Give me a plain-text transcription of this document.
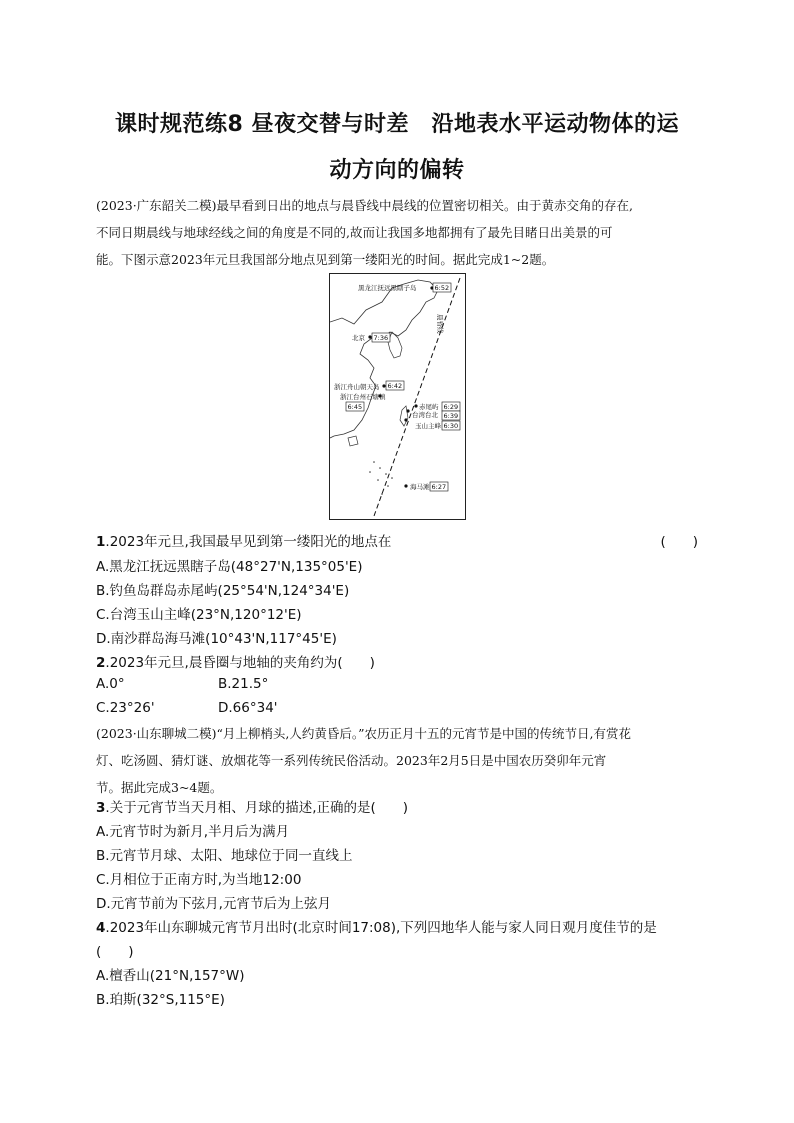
课时规范练8 昼夜交替与时差　沿地表水平运动物体的运
动方向的偏转
(2023·广东韶关二模)最早看到日出的地点与晨昏线中晨线的位置密切相关。由于黄赤交角的存在,
不同日期晨线与地球经线之间的角度是不同的,故而让我国多地都拥有了最先目睹日出美景的可
能。下图示意2023年元旦我国部分地点见到第一缕阳光的时间。据此完成1~2题。
晨昏线
黑龙江抚远黑瞎子岛	6:52
北京 7:36
浙江舟山朝天岛 6:42
浙江台州石塘镇
6:45	赤尾屿 6:29
台湾台北 6:39
玉山主峰 6:30
海马滩 6:27
1.2023年元旦,我国最早见到第一缕阳光的地点在	(　　)
A.黑龙江抚远黑瞎子岛(48°27'N,135°05'E)
B.钓鱼岛群岛赤尾屿(25°54'N,124°34'E)
C.台湾玉山主峰(23°N,120°12'E)
D.南沙群岛海马滩(10°43'N,117°45'E)
2.2023年元旦,晨昏圈与地轴的夹角约为(　　)
A.0°	B.21.5°
C.23°26'	D.66°34'
(2023·山东聊城二模)“月上柳梢头,人约黄昏后。”农历正月十五的元宵节是中国的传统节日,有赏花
灯、吃汤圆、猜灯谜、放烟花等一系列传统民俗活动。2023年2月5日是中国农历癸卯年元宵
节。据此完成3~4题。
3.关于元宵节当天月相、月球的描述,正确的是(　　)
A.元宵节时为新月,半月后为满月
B.元宵节月球、太阳、地球位于同一直线上
C.月相位于正南方时,为当地12:00
D.元宵节前为下弦月,元宵节后为上弦月
4.2023年山东聊城元宵节月出时(北京时间17:08),下列四地华人能与家人同日观月度佳节的是
(　　)
A.檀香山(21°N,157°W)
B.珀斯(32°S,115°E)
